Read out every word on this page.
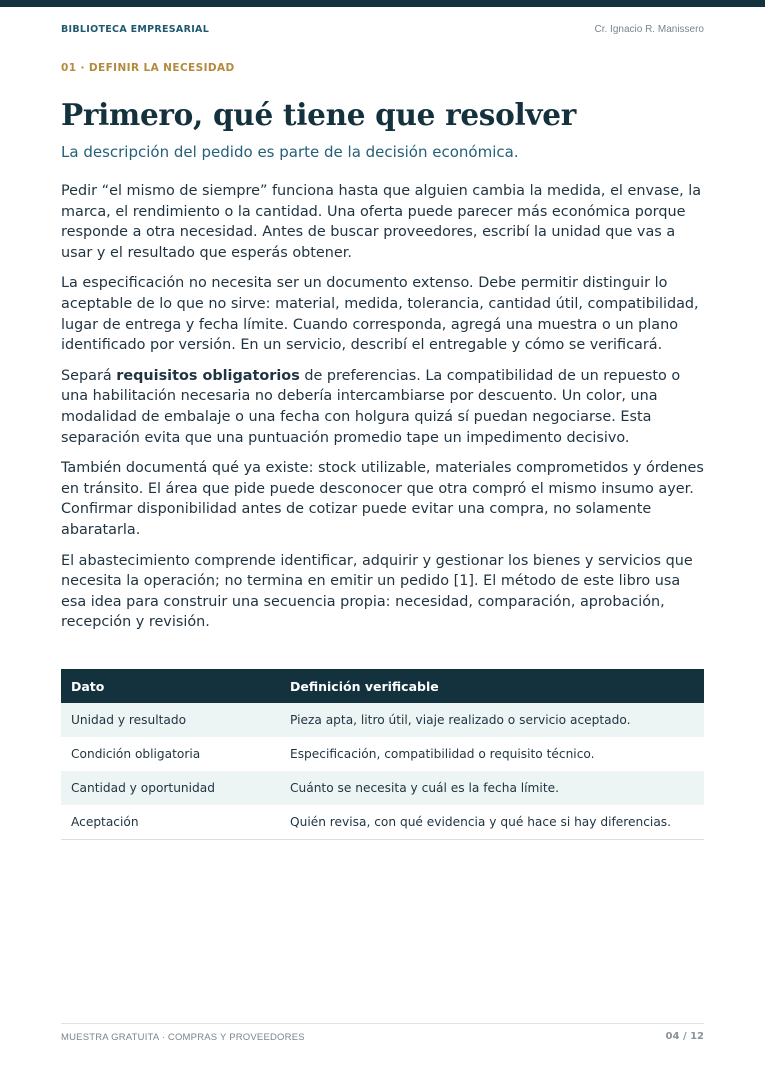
BIBLIOTECA EMPRESARIAL	Cr. Ignacio R. Manissero
01 · DEFINIR LA NECESIDAD
Primero, qué tiene que resolver
La descripción del pedido es parte de la decisión económica.

Pedir “el mismo de siempre” funciona hasta que alguien cambia la medida, el envase, la marca, el rendimiento o la cantidad. Una oferta puede parecer más económica porque responde a otra necesidad. Antes de buscar proveedores, escribí la unidad que vas a usar y el resultado que esperás obtener.

La especificación no necesita ser un documento extenso. Debe permitir distinguir lo aceptable de lo que no sirve: material, medida, tolerancia, cantidad útil, compatibilidad, lugar de entrega y fecha límite. Cuando corresponda, agregá una muestra o un plano identificado por versión. En un servicio, describí el entregable y cómo se verificará.

Separá requisitos obligatorios de preferencias. La compatibilidad de un repuesto o una habilitación necesaria no debería intercambiarse por descuento. Un color, una modalidad de embalaje o una fecha con holgura quizá sí puedan negociarse. Esta separación evita que una puntuación promedio tape un impedimento decisivo.

También documentá qué ya existe: stock utilizable, materiales comprometidos y órdenes en tránsito. El área que pide puede desconocer que otra compró el mismo insumo ayer. Confirmar disponibilidad antes de cotizar puede evitar una compra, no solamente abaratarla.

El abastecimiento comprende identificar, adquirir y gestionar los bienes y servicios que necesita la operación; no termina en emitir un pedido [1]. El método de este libro usa esa idea para construir una secuencia propia: necesidad, comparación, aprobación, recepción y revisión.

Dato	Definición verificable
Unidad y resultado	Pieza apta, litro útil, viaje realizado o servicio aceptado.
Condición obligatoria	Especificación, compatibilidad o requisito técnico.
Cantidad y oportunidad	Cuánto se necesita y cuál es la fecha límite.
Aceptación	Quién revisa, con qué evidencia y qué hace si hay diferencias.
MUESTRA GRATUITA · COMPRAS Y PROVEEDORES	04 / 12
